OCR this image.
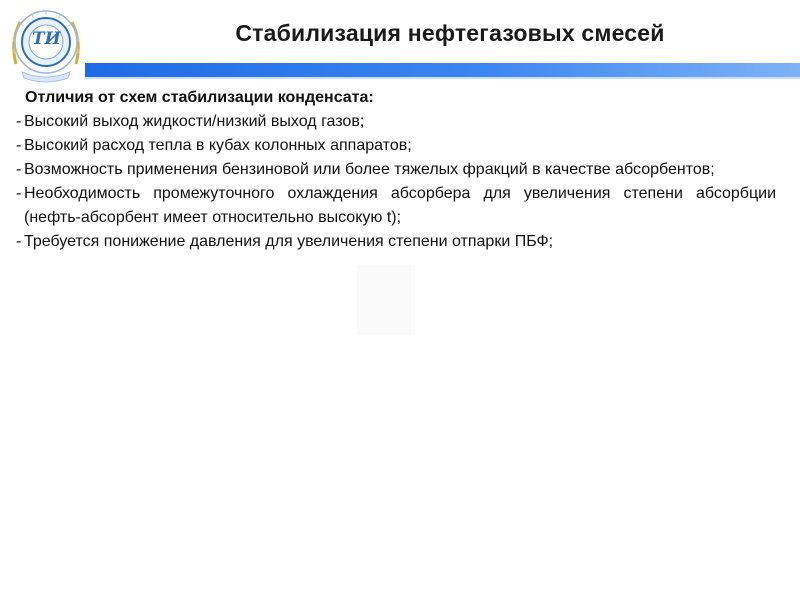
ТИ	Стабилизация нефтегазовых смесей
Отличия от схем стабилизации конденсата:
- Высокий выход жидкости/низкий выход газов;
- Высокий расход тепла в кубах колонных аппаратов;
- Возможность применения бензиновой или более тяжелых фракций в качестве абсорбентов;
- Необходимость промежуточного охлаждения абсорбера для увеличения степени абсорбции (нефть-абсорбент имеет относительно высокую t);
- Требуется понижение давления для увеличения степени отпарки ПБФ;
